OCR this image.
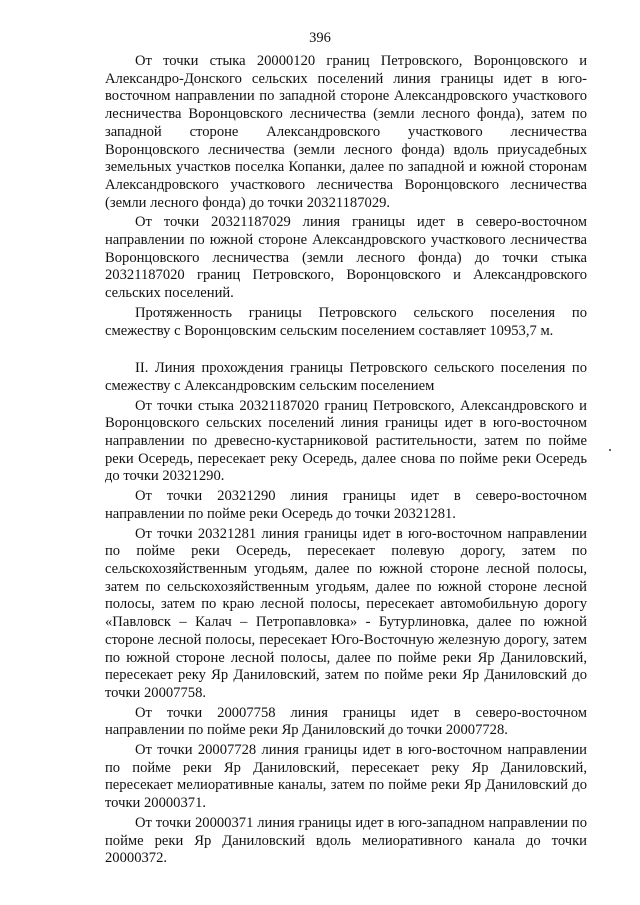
396

От точки стыка 20000120 границ Петровского, Воронцовского и Александро-Донского сельских поселений линия границы идет в юго-восточном направлении по западной стороне Александровского участкового лесничества Воронцовского лесничества (земли лесного фонда), затем по западной стороне Александровского участкового лесничества Воронцовского лесничества (земли лесного фонда) вдоль приусадебных земельных участков поселка Копанки, далее по западной и южной сторонам Александровского участкового лесничества Воронцовского лесничества (земли лесного фонда) до точки 20321187029.

От точки 20321187029 линия границы идет в северо-восточном направлении по южной стороне Александровского участкового лесничества Воронцовского лесничества (земли лесного фонда) до точки стыка 20321187020 границ Петровского, Воронцовского и Александровского сельских поселений.

Протяженность границы Петровского сельского поселения по смежеству с Воронцовским сельским поселением составляет 10953,7 м.

II. Линия прохождения границы Петровского сельского поселения по смежеству с Александровским сельским поселением

От точки стыка 20321187020 границ Петровского, Александровского и Воронцовского сельских поселений линия границы идет в юго-восточном направлении по древесно-кустарниковой растительности, затем по пойме реки Осередь, пересекает реку Осередь, далее снова по пойме реки Осередь до точки 20321290.

От точки 20321290 линия границы идет в северо-восточном направлении по пойме реки Осередь до точки 20321281.

От точки 20321281 линия границы идет в юго-восточном направлении по пойме реки Осередь, пересекает полевую дорогу, затем по сельскохозяйственным угодьям, далее по южной стороне лесной полосы, затем по сельскохозяйственным угодьям, далее по южной стороне лесной полосы, затем по краю лесной полосы, пересекает автомобильную дорогу «Павловск – Калач – Петропавловка» - Бутурлиновка, далее по южной стороне лесной полосы, пересекает Юго-Восточную железную дорогу, затем по южной стороне лесной полосы, далее по пойме реки Яр Даниловский, пересекает реку Яр Даниловский, затем по пойме реки Яр Даниловский до точки 20007758.

От точки 20007758 линия границы идет в северо-восточном направлении по пойме реки Яр Даниловский до точки 20007728.

От точки 20007728 линия границы идет в юго-восточном направлении по пойме реки Яр Даниловский, пересекает реку Яр Даниловский, пересекает мелиоративные каналы, затем по пойме реки Яр Даниловский до точки 20000371.

От точки 20000371 линия границы идет в юго-западном направлении по пойме реки Яр Даниловский вдоль мелиоративного канала до точки 20000372.
